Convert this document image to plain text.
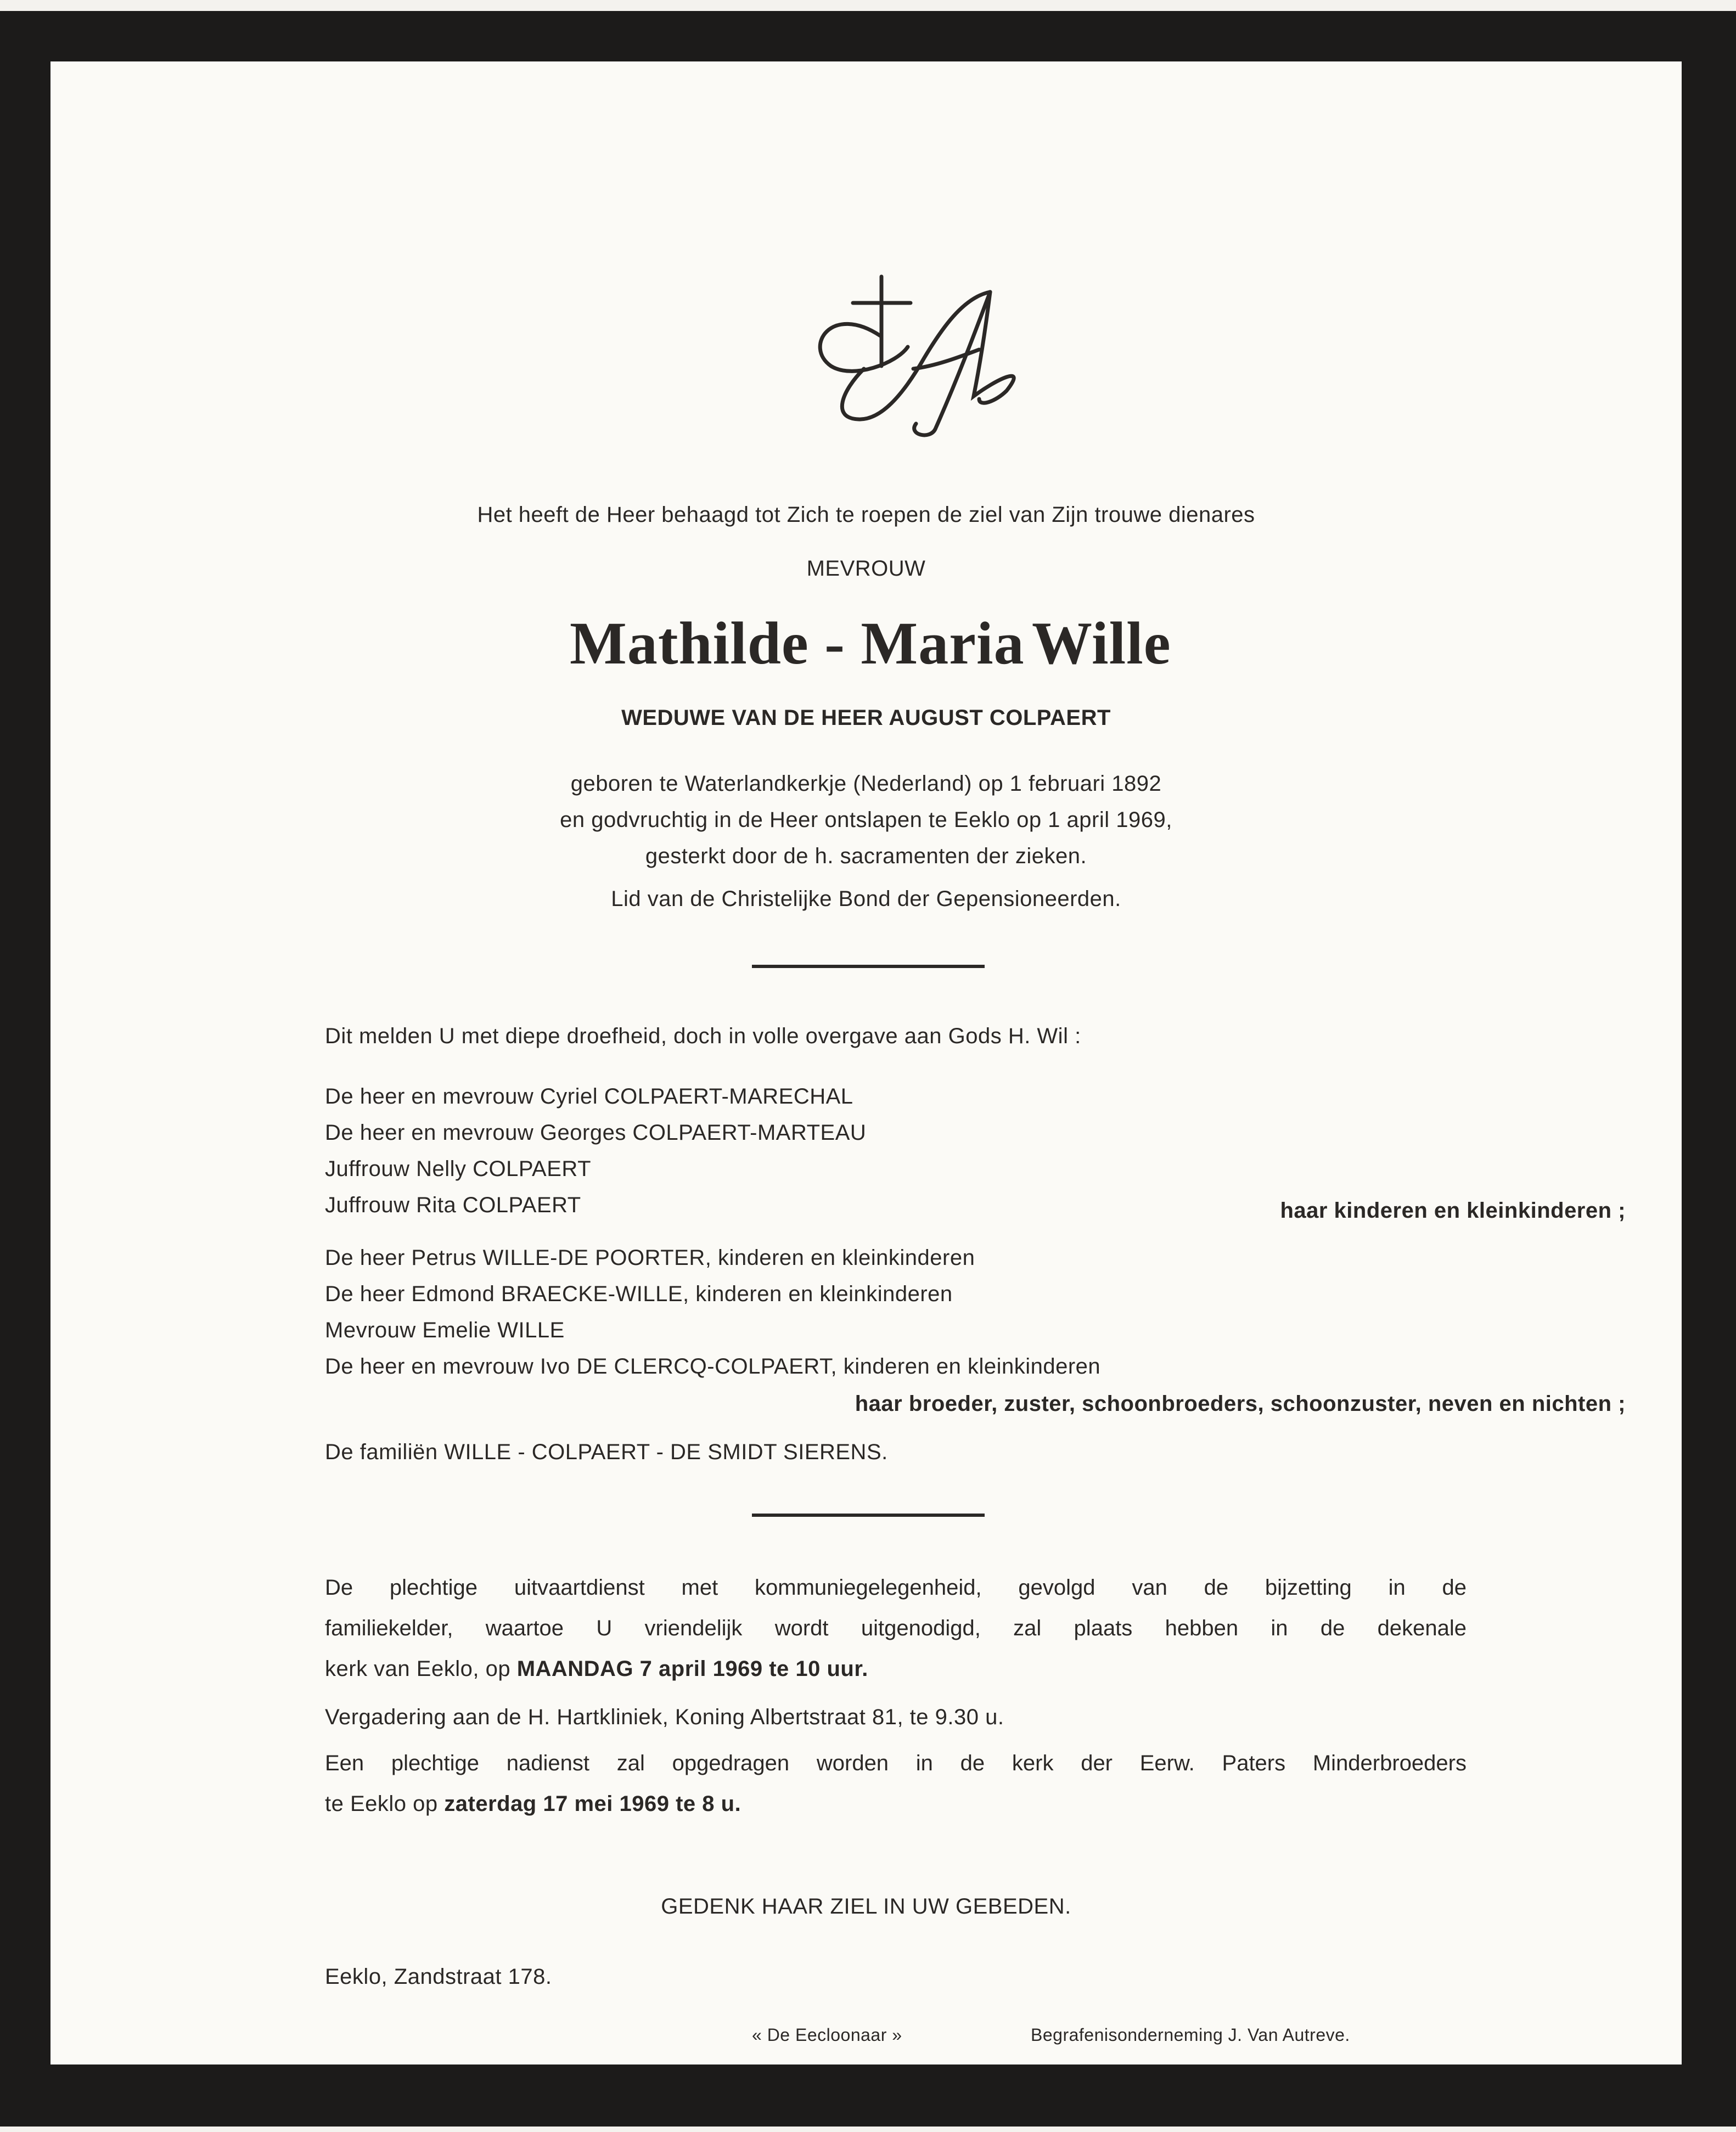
Het heeft de Heer behaagd tot Zich te roepen de ziel van Zijn trouwe dienares
MEVROUW
Mathilde - Maria Wille
WEDUWE VAN DE HEER AUGUST COLPAERT
geboren te Waterlandkerkje (Nederland) op 1 februari 1892
en godvruchtig in de Heer ontslapen te Eeklo op 1 april 1969,
gesterkt door de h. sacramenten der zieken.
Lid van de Christelijke Bond der Gepensioneerden.
Dit melden U met diepe droefheid, doch in volle overgave aan Gods H. Wil :
De heer en mevrouw Cyriel COLPAERT-MARECHAL
De heer en mevrouw Georges COLPAERT-MARTEAU
Juffrouw Nelly COLPAERT
Juffrouw Rita COLPAERT	haar kinderen en kleinkinderen ;
De heer Petrus WILLE-DE POORTER, kinderen en kleinkinderen
De heer Edmond BRAECKE-WILLE, kinderen en kleinkinderen
Mevrouw Emelie WILLE
De heer en mevrouw Ivo DE CLERCQ-COLPAERT, kinderen en kleinkinderen
haar broeder, zuster, schoonbroeders, schoonzuster, neven en nichten ;
De familiën WILLE - COLPAERT - DE SMIDT SIERENS.
De plechtige uitvaartdienst met kommuniegelegenheid, gevolgd van de bijzetting in de
familiekelder, waartoe U vriendelijk wordt uitgenodigd, zal plaats hebben in de dekenale
kerk van Eeklo, op MAANDAG 7 april 1969 te 10 uur.
Vergadering aan de H. Hartkliniek, Koning Albertstraat 81, te 9.30 u.
Een plechtige nadienst zal opgedragen worden in de kerk der Eerw. Paters Minderbroeders
te Eeklo op zaterdag 17 mei 1969 te 8 u.
GEDENK HAAR ZIEL IN UW GEBEDEN.
Eeklo, Zandstraat 178.
« De Eecloonaar »	Begrafenisonderneming J. Van Autreve.
